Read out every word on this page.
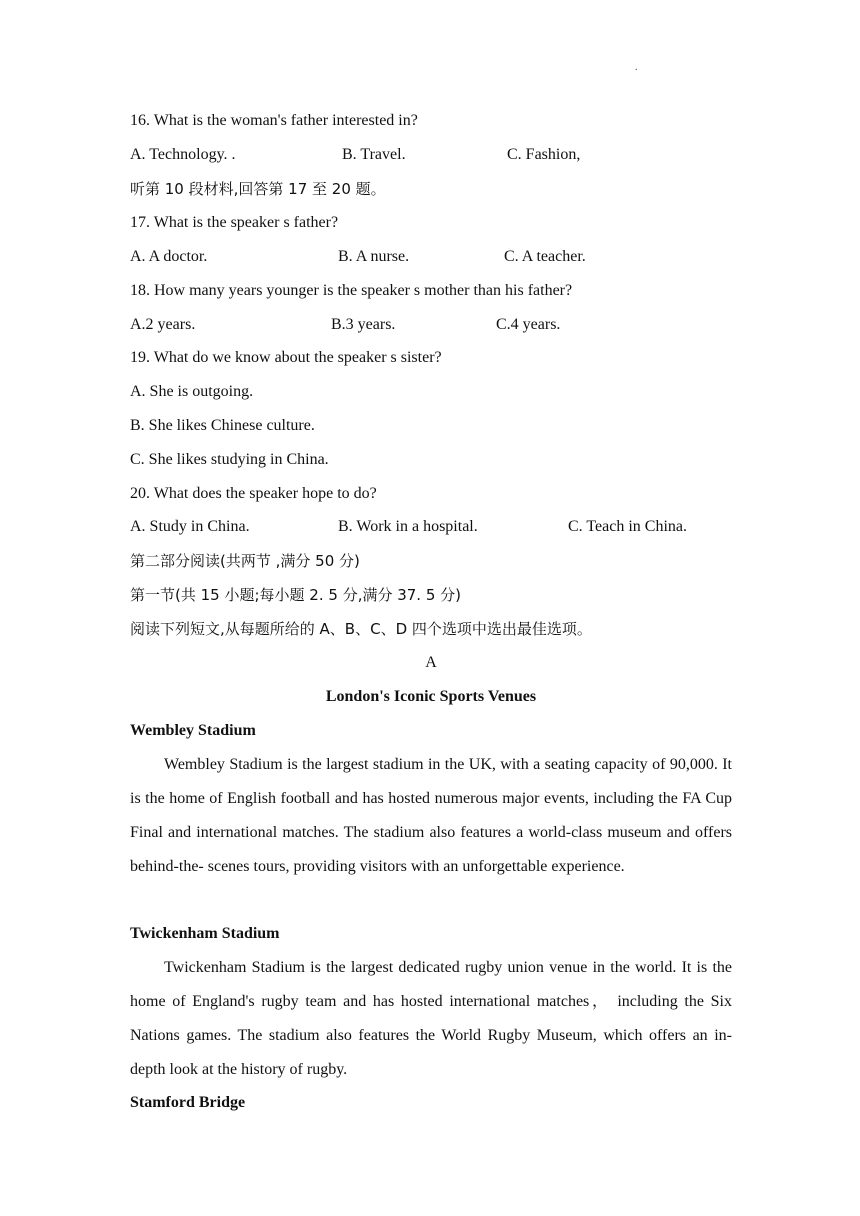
.
16. What is the woman's father interested in?
A. Technology. .	B. Travel.	C. Fashion,
听第 10 段材料,回答第 17 至 20 题。
17. What is the speaker s father?
A. A doctor.	B. A nurse.	C. A teacher.
18. How many years younger is the speaker s mother than his father?
A.2 years.	B.3 years.	C.4 years.
19. What do we know about the speaker s sister?
A. She is outgoing.
B. She likes Chinese culture.
C. She likes studying in China.
20. What does the speaker hope to do?
A. Study in China.	B. Work in a hospital.	C. Teach in China.
第二部分阅读(共两节 ,满分 50 分)
第一节(共 15 小题;每小题 2. 5 分,满分 37. 5 分)
阅读下列短文,从每题所给的 A、B、C、D 四个选项中选出最佳选项。
A
London's Iconic Sports Venues
Wembley Stadium
Wembley Stadium is the largest stadium in the UK, with a seating capacity of 90,000. It is the home of English football and has hosted numerous major events, including the FA Cup Final and international matches. The stadium also features a world-class museum and offers behind-the- scenes tours, providing visitors with an unforgettable experience.
Twickenham Stadium
Twickenham Stadium is the largest dedicated rugby union venue in the world. It is the home of England's rugby team and has hosted international matches， including the Six Nations games. The stadium also features the World Rugby Museum, which offers an in-depth look at the history of rugby.
Stamford Bridge
